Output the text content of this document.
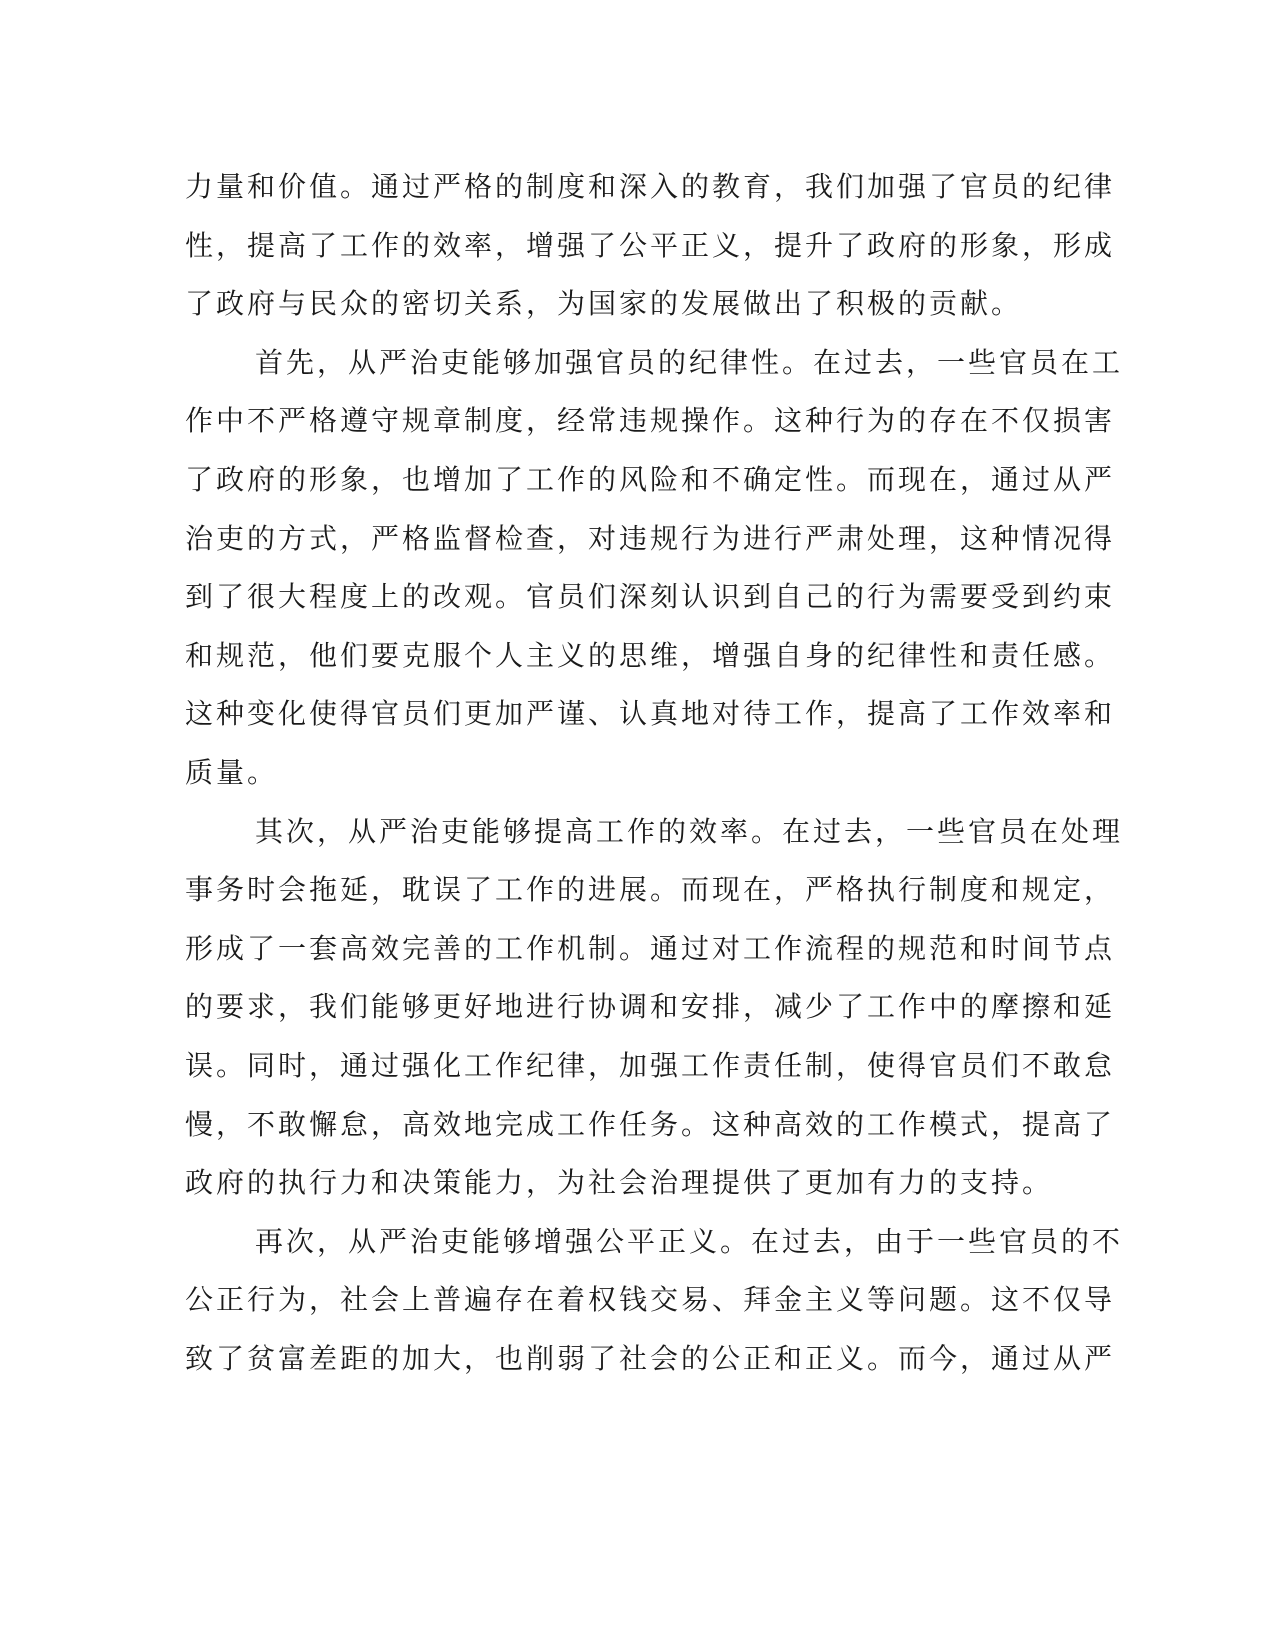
力量和价值。通过严格的制度和深入的教育，我们加强了官员的纪律
性，提高了工作的效率，增强了公平正义，提升了政府的形象，形成
了政府与民众的密切关系，为国家的发展做出了积极的贡献。
首先，从严治吏能够加强官员的纪律性。在过去，一些官员在工
作中不严格遵守规章制度，经常违规操作。这种行为的存在不仅损害
了政府的形象，也增加了工作的风险和不确定性。而现在，通过从严
治吏的方式，严格监督检查，对违规行为进行严肃处理，这种情况得
到了很大程度上的改观。官员们深刻认识到自己的行为需要受到约束
和规范，他们要克服个人主义的思维，增强自身的纪律性和责任感。
这种变化使得官员们更加严谨、认真地对待工作，提高了工作效率和
质量。
其次，从严治吏能够提高工作的效率。在过去，一些官员在处理
事务时会拖延，耽误了工作的进展。而现在，严格执行制度和规定，
形成了一套高效完善的工作机制。通过对工作流程的规范和时间节点
的要求，我们能够更好地进行协调和安排，减少了工作中的摩擦和延
误。同时，通过强化工作纪律，加强工作责任制，使得官员们不敢怠
慢，不敢懈怠，高效地完成工作任务。这种高效的工作模式，提高了
政府的执行力和决策能力，为社会治理提供了更加有力的支持。
再次，从严治吏能够增强公平正义。在过去，由于一些官员的不
公正行为，社会上普遍存在着权钱交易、拜金主义等问题。这不仅导
致了贫富差距的加大，也削弱了社会的公正和正义。而今，通过从严
